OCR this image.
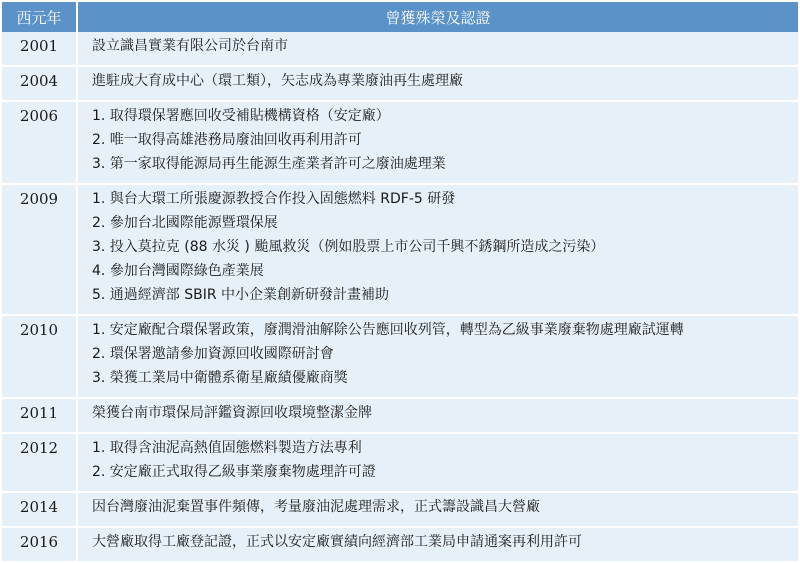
西元年	曾獲殊榮及認證
2001	設立識昌實業有限公司於台南市

2004	進駐成大育成中心（環工類），矢志成為專業廢油再生處理廠

2006	1. 取得環保署應回收受補貼機構資格（安定廠）
2. 唯一取得高雄港務局廢油回收再利用許可
3. 第一家取得能源局再生能源生產業者許可之廢油處理業

2009	1. 與台大環工所張慶源教授合作投入固態燃料 RDF-5 研發
2. 參加台北國際能源暨環保展
3. 投入莫拉克 (88 水災 ) 颱風救災（例如股票上市公司千興不銹鋼所造成之污染）
4. 參加台灣國際綠色產業展
5. 通過經濟部 SBIR 中小企業創新研發計畫補助

2010	1. 安定廠配合環保署政策，廢潤滑油解除公告應回收列管，轉型為乙級事業廢棄物處理廠試運轉
2. 環保署邀請參加資源回收國際研討會
3. 榮獲工業局中衛體系衛星廠績優廠商獎

2011	榮獲台南市環保局評鑑資源回收環境整潔金牌

2012	1. 取得含油泥高熱值固態燃料製造方法專利
2. 安定廠正式取得乙級事業廢棄物處理許可證

2014	因台灣廢油泥棄置事件頻傳，考量廢油泥處理需求，正式籌設識昌大營廠

2016	大營廠取得工廠登記證，正式以安定廠實績向經濟部工業局申請通案再利用許可
